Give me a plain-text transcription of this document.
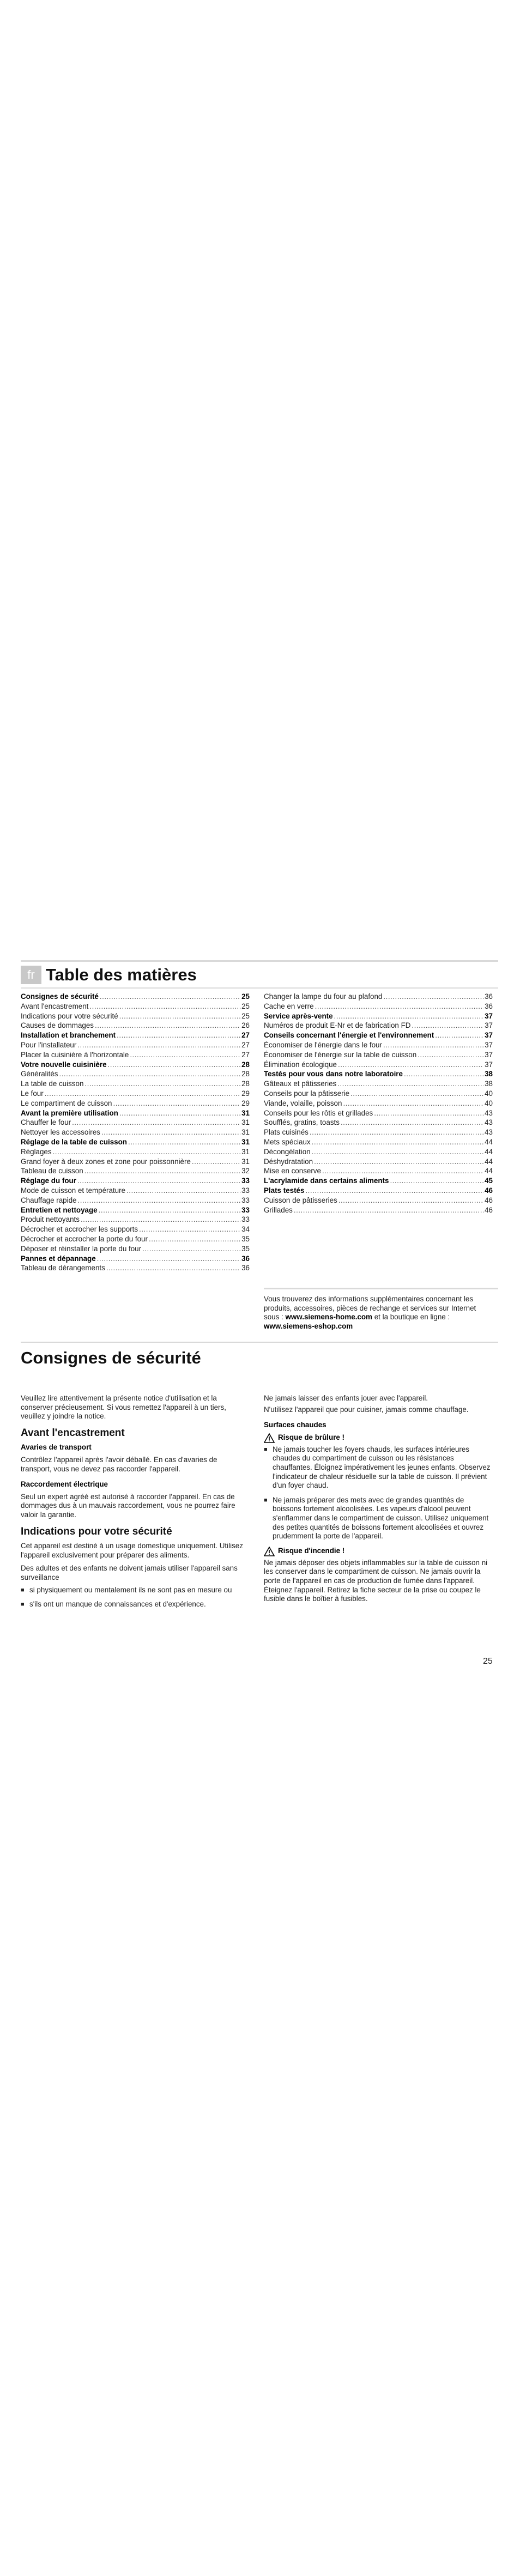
fr Table des matières
Consignes de sécurité .....	25
Avant l'encastrement .....	25
Indications pour votre sécurité .....	25
Causes de dommages .....	26
Installation et branchement .....	27
Pour l'installateur .....	27
Placer la cuisinière à l'horizontale .....	27
Votre nouvelle cuisinière .....	28
Généralités .....	28
La table de cuisson .....	28
Le four .....	29
Le compartiment de cuisson .....	29
Avant la première utilisation .....	31
Chauffer le four .....	31
Nettoyer les accessoires .....	31
Réglage de la table de cuisson .....	31
Réglages .....	31
Grand foyer à deux zones et zone pour poissonnière .....	31
Tableau de cuisson .....	32
Réglage du four .....	33
Mode de cuisson et température .....	33
Chauffage rapide .....	33
Entretien et nettoyage .....	33
Produit nettoyants .....	33
Décrocher et accrocher les supports .....	34
Décrocher et accrocher la porte du four .....	35
Déposer et réinstaller la porte du four .....	35
Pannes et dépannage .....	36
Tableau de dérangements .....	36
Changer la lampe du four au plafond .....	36
Cache en verre .....	36
Service après-vente .....	37
Numéros de produit E-Nr et de fabrication FD .....	37
Conseils concernant l'énergie et l'environnement .....	37
Économiser de l'énergie dans le four .....	37
Économiser de l'énergie sur la table de cuisson .....	37
Élimination écologique .....	37
Testés pour vous dans notre laboratoire .....	38
Gâteaux et pâtisseries .....	38
Conseils pour la pâtisserie .....	40
Viande, volaille, poisson .....	40
Conseils pour les rôtis et grillades .....	43
Soufflés, gratins, toasts .....	43
Plats cuisinés .....	43
Mets spéciaux .....	44
Décongélation .....	44
Déshydratation .....	44
Mise en conserve .....	44
L'acrylamide dans certains aliments .....	45
Plats testés .....	46
Cuisson de pâtisseries .....	46
Grillades .....	46
Vous trouverez des informations supplémentaires concernant les produits, accessoires, pièces de rechange et services sur Internet sous : www.siemens-home.com et la boutique en ligne : www.siemens-eshop.com
Consignes de sécurité

Veuillez lire attentivement la présente notice d'utilisation et la conserver précieusement. Si vous remettez l'appareil à un tiers, veuillez y joindre la notice.

Avant l'encastrement
Avaries de transport

Contrôlez l'appareil après l'avoir déballé. En cas d'avaries de transport, vous ne devez pas raccorder l'appareil.

Raccordement électrique

Seul un expert agréé est autorisé à raccorder l'appareil. En cas de dommages dus à un mauvais raccordement, vous ne pourrez faire valoir la garantie.

Indications pour votre sécurité

Cet appareil est destiné à un usage domestique uniquement. Utilisez l'appareil exclusivement pour préparer des aliments.

Des adultes et des enfants ne doivent jamais utiliser l'appareil sans surveillance

■ si physiquement ou mentalement ils ne sont pas en mesure ou
■ s'ils ont un manque de connaissances et d'expérience.

Ne jamais laisser des enfants jouer avec l'appareil.

N'utilisez l'appareil que pour cuisiner, jamais comme chauffage.

Surfaces chaudes
Risque de brûlure !
■ Ne jamais toucher les foyers chauds, les surfaces intérieures chaudes du compartiment de cuisson ou les résistances chauffantes. Éloignez impérativement les jeunes enfants. Observez l'indicateur de chaleur résiduelle sur la table de cuisson. Il prévient d'un foyer chaud.
■ Ne jamais préparer des mets avec de grandes quantités de boissons fortement alcoolisées. Les vapeurs d'alcool peuvent s'enflammer dans le compartiment de cuisson. Utilisez uniquement des petites quantités de boissons fortement alcoolisées et ouvrez prudemment la porte de l'appareil.
Risque d'incendie !

Ne jamais déposer des objets inflammables sur la table de cuisson ni les conserver dans le compartiment de cuisson. Ne jamais ouvrir la porte de l'appareil en cas de production de fumée dans l'appareil. Éteignez l'appareil. Retirez la fiche secteur de la prise ou coupez le fusible dans le boîtier à fusibles.

25
